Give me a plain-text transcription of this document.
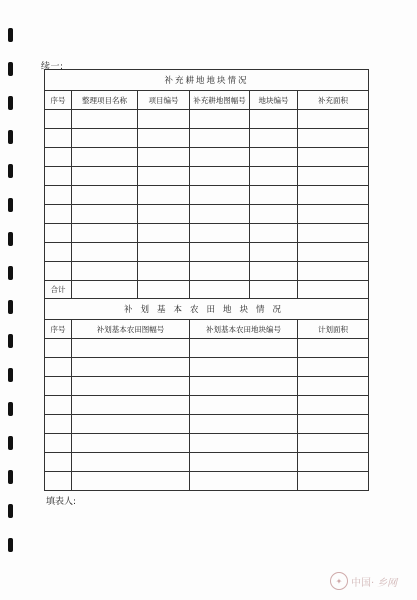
续一:
补充耕地地块情况					
序号	整理项目名称	项目编号	补充耕地图幅号	地块编号	补充面积

合计					
补划基本农田地块情况					
序号	补划基本农田图幅号		补划基本农田地块编号		计划面积

填表人:
✦ 中国· 乡网
